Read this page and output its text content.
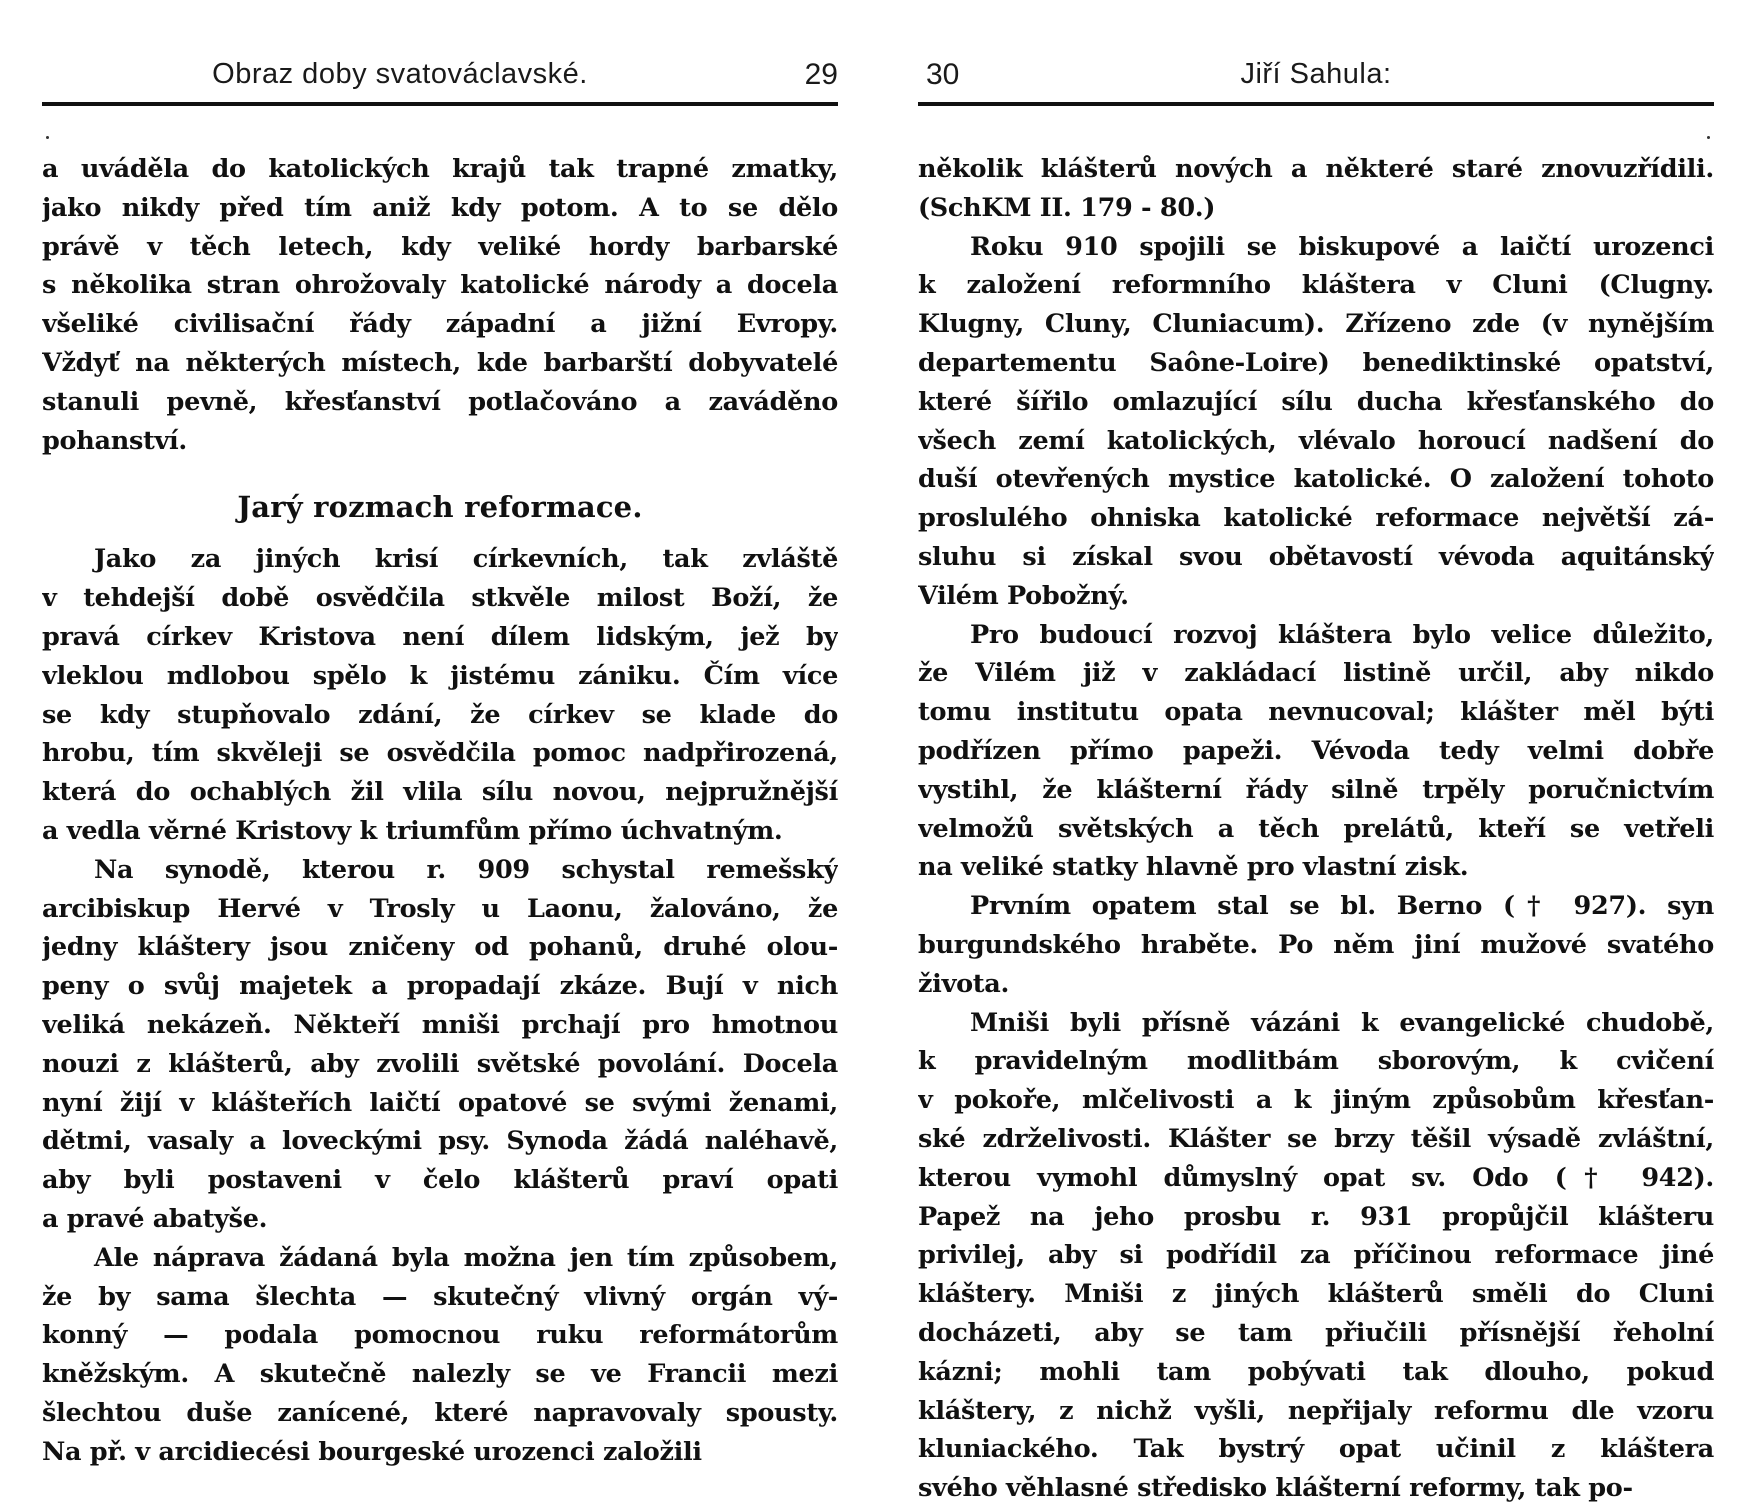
Obraz doby svatováclavské.	29

a uváděla do katolických krajů tak trapné zmatky,
jako nikdy před tím aniž kdy potom. A to se dělo
právě v těch letech, kdy veliké hordy barbarské
s několika stran ohrožovaly katolické národy a docela
všeliké civilisační řády západní a jižní Evropy.
Vždyť na některých místech, kde barbarští dobyvatelé
stanuli pevně, křesťanství potlačováno a zaváděno
pohanství.

Jarý rozmach reformace.

Jako za jiných krisí církevních, tak zvláště
v tehdejší době osvědčila stkvěle milost Boží, že
pravá církev Kristova není dílem lidským, jež by
vleklou mdlobou spělo k jistému zániku. Čím více
se kdy stupňovalo zdání, že církev se klade do
hrobu, tím skvěleji se osvědčila pomoc nadpřirozená,
která do ochablých žil vlila sílu novou, nejpružnější
a vedla věrné Kristovy k triumfům přímo úchvatným.

Na synodě, kterou r. 909 schystal remešský
arcibiskup Hervé v Trosly u Laonu, žalováno, že
jedny kláštery jsou zničeny od pohanů, druhé olou-
peny o svůj majetek a propadají zkáze. Bují v nich
veliká nekázeň. Někteří mniši prchají pro hmotnou
nouzi z klášterů, aby zvolili světské povolání. Docela
nyní žijí v klášteřích laičtí opatové se svými ženami,
dětmi, vasaly a loveckými psy. Synoda žádá naléhavě,
aby byli postaveni v čelo klášterů praví opati
a pravé abatyše.

Ale náprava žádaná byla možna jen tím způsobem,
že by sama šlechta — skutečný vlivný orgán vý-
konný — podala pomocnou ruku reformátorům
kněžským. A skutečně nalezly se ve Francii mezi
šlechtou duše zanícené, které napravovaly spousty.
Na př. v arcidiecési bourgeské urozenci založili

30	Jiří Sahula:

několik klášterů nových a některé staré znovuzřídili.
(SchKM II. 179 - 80.)

Roku 910 spojili se biskupové a laičtí urozenci
k založení reformního kláštera v Cluni (Clugny.
Klugny, Cluny, Cluniacum). Zřízeno zde (v nynějším
departementu Saône-Loire) benediktinské opatství,
které šířilo omlazující sílu ducha křesťanského do
všech zemí katolických, vlévalo horoucí nadšení do
duší otevřených mystice katolické. O založení tohoto
proslulého ohniska katolické reformace největší zá-
sluhu si získal svou obětavostí vévoda aquitánský
Vilém Pobožný.

Pro budoucí rozvoj kláštera bylo velice důležito,
že Vilém již v zakládací listině určil, aby nikdo
tomu institutu opata nevnucoval; klášter měl býti
podřízen přímo papeži. Vévoda tedy velmi dobře
vystihl, že klášterní řády silně trpěly poručnictvím
velmožů světských a těch prelátů, kteří se vetřeli
na veliké statky hlavně pro vlastní zisk.

Prvním opatem stal se bl. Berno († 927). syn
burgundského hraběte. Po něm jiní mužové svatého
života.

Mniši byli přísně vázáni k evangelické chudobě,
k pravidelným modlitbám sborovým, k cvičení
v pokoře, mlčelivosti a k jiným způsobům křesťan-
ské zdrželivosti. Klášter se brzy těšil výsadě zvláštní,
kterou vymohl důmyslný opat sv. Odo († 942).
Papež na jeho prosbu r. 931 propůjčil klášteru
privilej, aby si podřídil za příčinou reformace jiné
kláštery. Mniši z jiných klášterů směli do Cluni
docházeti, aby se tam přiučili přísnější řeholní
kázni; mohli tam pobývati tak dlouho, pokud
kláštery, z nichž vyšli, nepřijaly reformu dle vzoru
kluniackého. Tak bystrý opat učinil z kláštera
svého věhlasné středisko klášterní reformy, tak po-
